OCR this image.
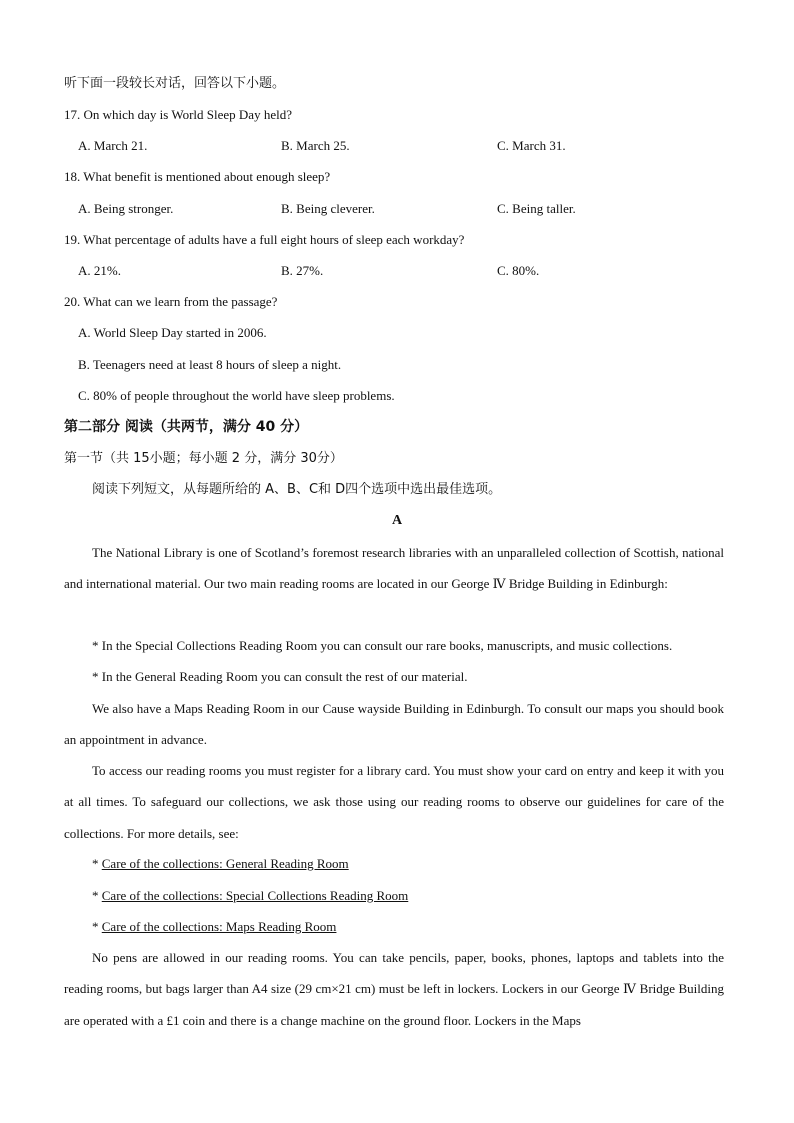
听下面一段较长对话，回答以下小题。
17. On which day is World Sleep Day held?
A. March 21.	B. March 25.	C. March 31.
18. What benefit is mentioned about enough sleep?
A. Being stronger.	B. Being cleverer.	C. Being taller.
19. What percentage of adults have a full eight hours of sleep each workday?
A. 21%.	B. 27%.	C. 80%.
20. What can we learn from the passage?
A. World Sleep Day started in 2006.
B. Teenagers need at least 8 hours of sleep a night.
C. 80% of people throughout the world have sleep problems.
第二部分 阅读（共两节，满分 40 分）
第一节（共 15小题；每小题 2 分，满分 30分）
阅读下列短文，从每题所给的 A、B、C和 D四个选项中选出最佳选项。
A
The National Library is one of Scotland’s foremost research libraries with an unparalleled collection of Scottish, national and international material. Our two main reading rooms are located in our George Ⅳ Bridge Building in Edinburgh:
* In the Special Collections Reading Room you can consult our rare books, manuscripts, and music collections.
* In the General Reading Room you can consult the rest of our material.
We also have a Maps Reading Room in our Cause wayside Building in Edinburgh. To consult our maps you should book an appointment in advance.
To access our reading rooms you must register for a library card. You must show your card on entry and keep it with you at all times. To safeguard our collections, we ask those using our reading rooms to observe our guidelines for care of the collections. For more details, see:
* Care of the collections: General Reading Room
* Care of the collections: Special Collections Reading Room
* Care of the collections: Maps Reading Room
No pens are allowed in our reading rooms. You can take pencils, paper, books, phones, laptops and tablets into the reading rooms, but bags larger than A4 size (29 cm×21 cm) must be left in lockers. Lockers in our George Ⅳ Bridge Building are operated with a £1 coin and there is a change machine on the ground floor. Lockers in the Maps
